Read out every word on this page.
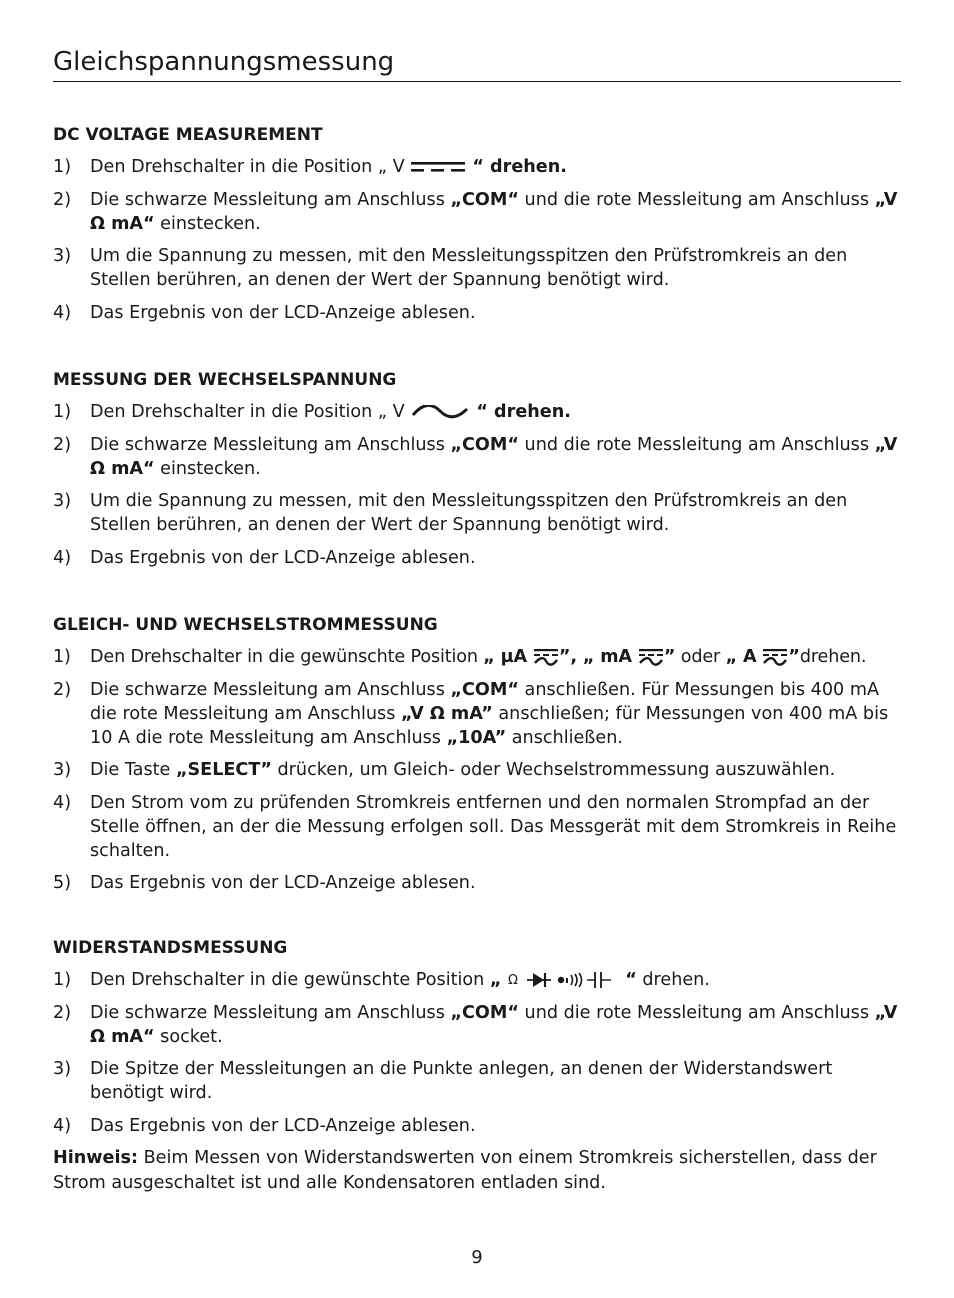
Gleichspannungsmessung
DC VOLTAGE MEASUREMENT
1) Den Drehschalter in die Position „ V	“ drehen.
2) Die schwarze Messleitung am Anschluss „COM“ und die rote Messleitung am Anschluss „V Ω mA“ einstecken.
3) Um die Spannung zu messen, mit den Messleitungsspitzen den Prüfstromkreis an den Stellen berühren, an denen der Wert der Spannung benötigt wird.
4) Das Ergebnis von der LCD-Anzeige ablesen.
MESSUNG DER WECHSELSPANNUNG
1) Den Drehschalter in die Position „ V	“ drehen.
2) Die schwarze Messleitung am Anschluss „COM“ und die rote Messleitung am Anschluss „V Ω mA“ einstecken.
3) Um die Spannung zu messen, mit den Messleitungsspitzen den Prüfstromkreis an den Stellen berühren, an denen der Wert der Spannung benötigt wird.
4) Das Ergebnis von der LCD-Anzeige ablesen.
GLEICH- UND WECHSELSTROMMESSUNG
1) Den Drehschalter in die gewünschte Position „ µA ”, „ mA ” oder „ A ”drehen.
2) Die schwarze Messleitung am Anschluss „COM“ anschließen. Für Messungen bis 400 mA die rote Messleitung am Anschluss „V Ω mA” anschließen; für Messungen von 400 mA bis 10 A die rote Messleitung am Anschluss „10A” anschließen.
3) Die Taste „SELECT” drücken, um Gleich- oder Wechselstrommessung auszuwählen.
4) Den Strom vom zu prüfenden Stromkreis entfernen und den normalen Strompfad an der Stelle öffnen, an der die Messung erfolgen soll. Das Messgerät mit dem Stromkreis in Reihe schalten.
5) Das Ergebnis von der LCD-Anzeige ablesen.
WIDERSTANDSMESSUNG
1) Den Drehschalter in die gewünschte Position „ Ω	“ drehen.
2) Die schwarze Messleitung am Anschluss „COM“ und die rote Messleitung am Anschluss „V Ω mA“ socket.
3) Die Spitze der Messleitungen an die Punkte anlegen, an denen der Widerstandswert benötigt wird.
4) Das Ergebnis von der LCD-Anzeige ablesen.

Hinweis: Beim Messen von Widerstandswerten von einem Stromkreis sicherstellen, dass der Strom ausgeschaltet ist und alle Kondensatoren entladen sind.

9
